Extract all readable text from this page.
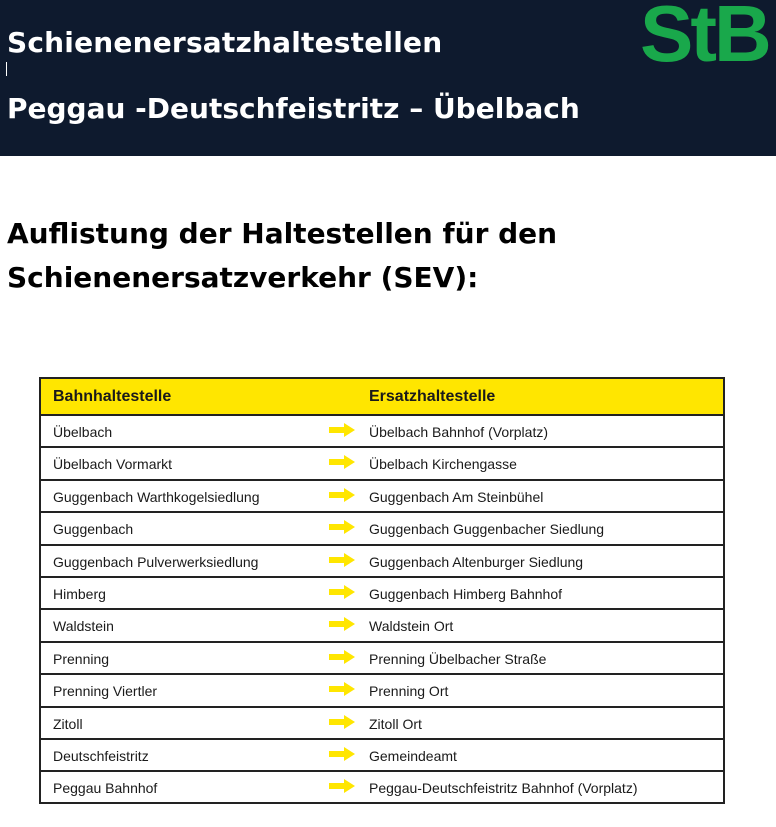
Schienenersatzhaltestellen
Peggau -Deutschfeistritz – Übelbach
StB
Auflistung der Haltestellen für den
Schienenersatzverkehr (SEV):
Bahnhaltestelle	Ersatzhaltestelle
Übelbach	Übelbach Bahnhof (Vorplatz)
Übelbach Vormarkt	Übelbach Kirchengasse
Guggenbach Warthkogelsiedlung	Guggenbach Am Steinbühel
Guggenbach	Guggenbach Guggenbacher Siedlung
Guggenbach Pulverwerksiedlung	Guggenbach Altenburger Siedlung
Himberg	Guggenbach Himberg Bahnhof
Waldstein	Waldstein Ort
Prenning	Prenning Übelbacher Straße
Prenning Viertler	Prenning Ort
Zitoll	Zitoll Ort
Deutschfeistritz	Gemeindeamt
Peggau Bahnhof	Peggau-Deutschfeistritz Bahnhof (Vorplatz)
